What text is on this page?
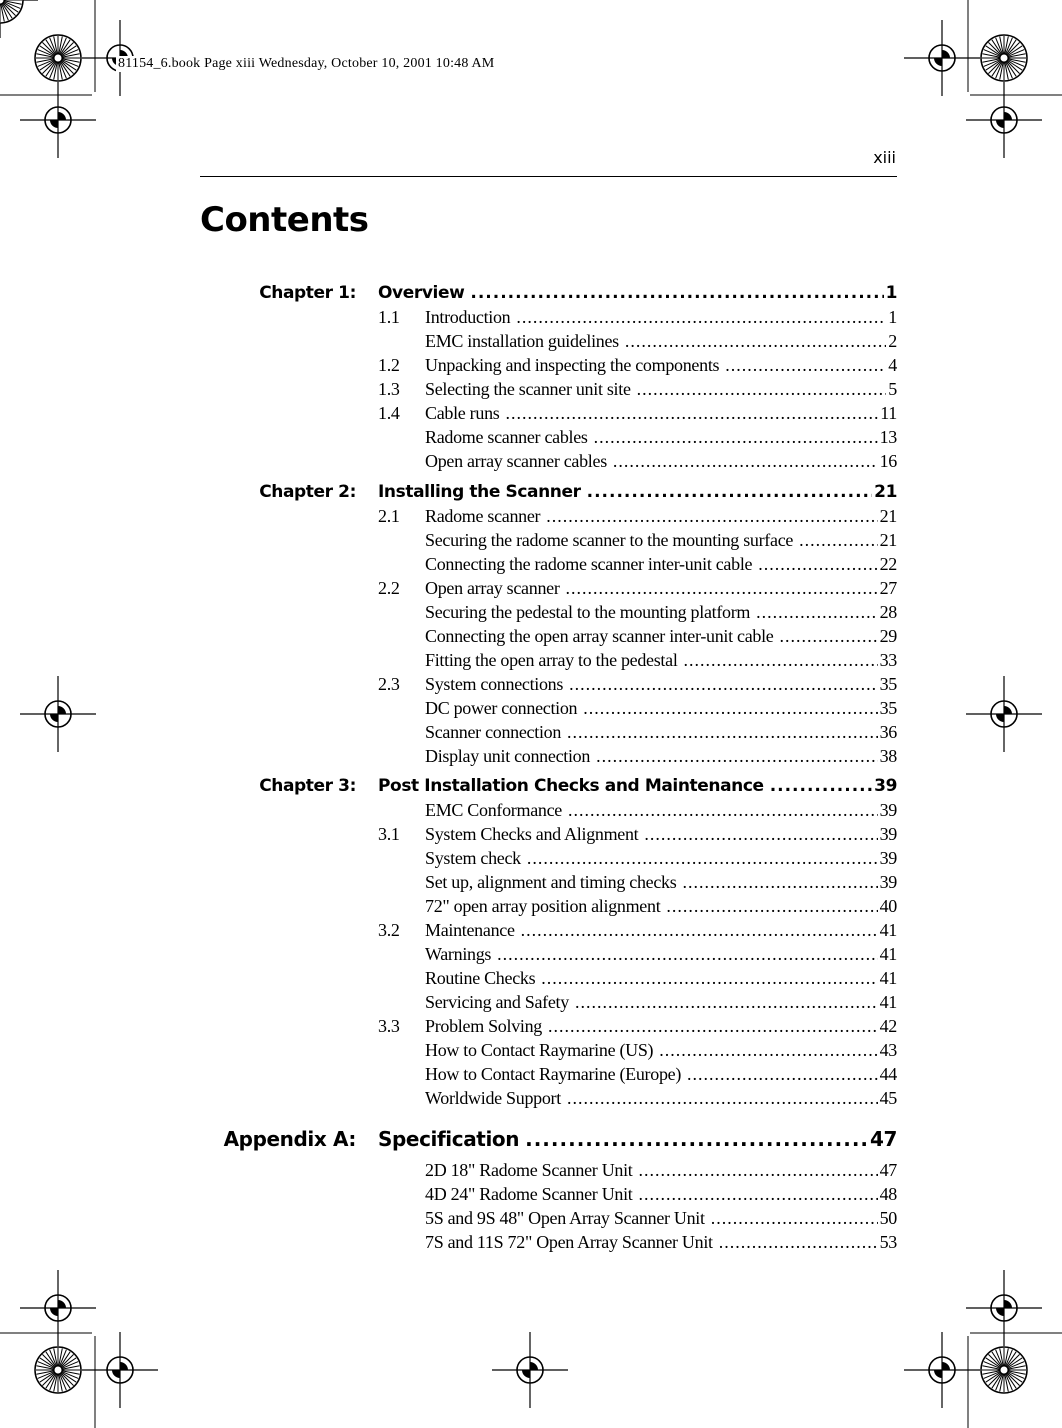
81154_6.book Page xiii Wednesday, October 10, 2001 10:48 AM
xiii
Contents
Chapter 1: Overview .....	1
1.1	Introduction .....	1
EMC installation guidelines .....	2
1.2	Unpacking and inspecting the components .....	4
1.3	Selecting the scanner unit site .....	5
1.4	Cable runs .....	11
Radome scanner cables .....	13
Open array scanner cables .....	16
Chapter 2: Installing the Scanner .....	21
2.1	Radome scanner .....	21
Securing the radome scanner to the mounting surface .....	21
Connecting the radome scanner inter-unit cable .....	22
2.2	Open array scanner .....	27
Securing the pedestal to the mounting platform .....	28
Connecting the open array scanner inter-unit cable .....	29
Fitting the open array to the pedestal .....	33
2.3	System connections .....	35
DC power connection .....	35
Scanner connection .....	36
Display unit connection .....	38
Chapter 3: Post Installation Checks and Maintenance .....	39
EMC Conformance .....	39
3.1	System Checks and Alignment .....	39
System check .....	39
Set up, alignment and timing checks .....	39
72" open array position alignment .....	40
3.2	Maintenance .....	41
Warnings .....	41
Routine Checks .....	41
Servicing and Safety .....	41
3.3	Problem Solving .....	42
How to Contact Raymarine (US) .....	43
How to Contact Raymarine (Europe) .....	44
Worldwide Support .....	45
Appendix A: Specification .....	47
2D 18" Radome Scanner Unit .....	47
4D 24" Radome Scanner Unit .....	48
5S and 9S 48" Open Array Scanner Unit .....	50
7S and 11S 72" Open Array Scanner Unit .....	53
